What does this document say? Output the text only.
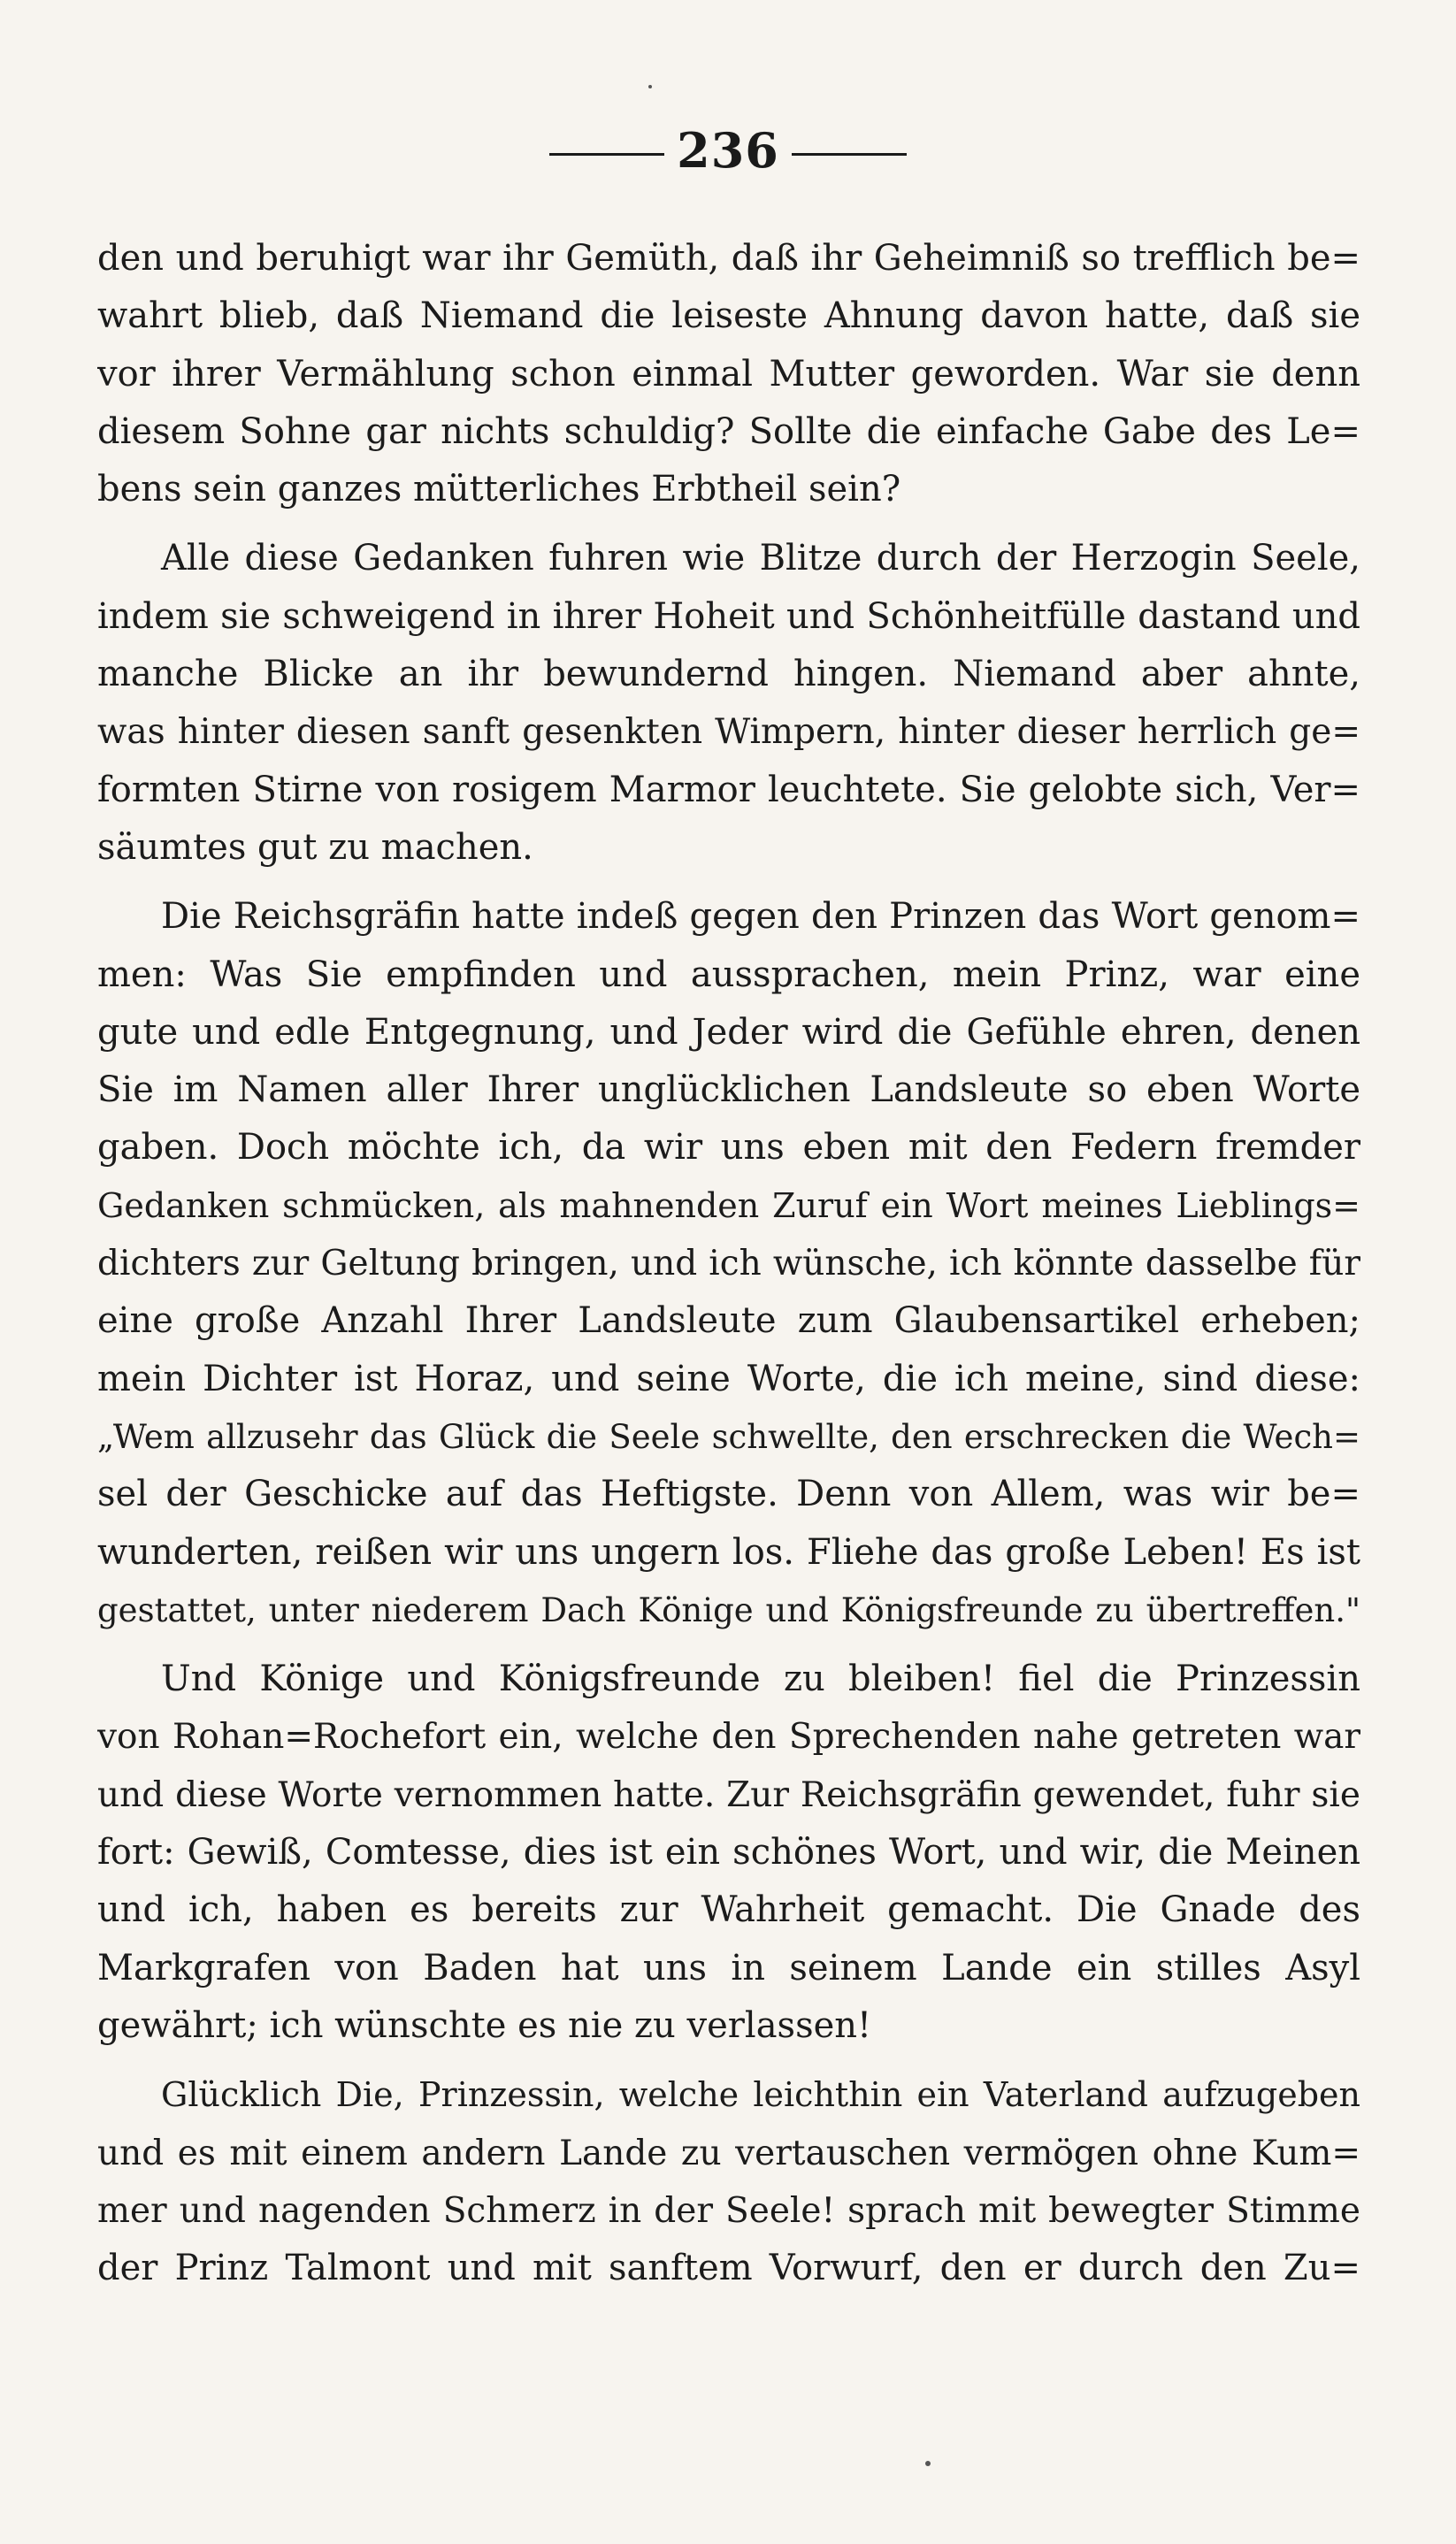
236
den und beruhigt war ihr Gemüth, daß ihr Geheimniß so trefflich be=
wahrt blieb, daß Niemand die leiseste Ahnung davon hatte, daß sie
vor ihrer Vermählung schon einmal Mutter geworden. War sie denn
diesem Sohne gar nichts schuldig? Sollte die einfache Gabe des Le=
bens sein ganzes mütterliches Erbtheil sein?
Alle diese Gedanken fuhren wie Blitze durch der Herzogin Seele,
indem sie schweigend in ihrer Hoheit und Schönheitfülle dastand und
manche Blicke an ihr bewundernd hingen. Niemand aber ahnte,
was hinter diesen sanft gesenkten Wimpern, hinter dieser herrlich ge=
formten Stirne von rosigem Marmor leuchtete. Sie gelobte sich, Ver=
säumtes gut zu machen.
Die Reichsgräfin hatte indeß gegen den Prinzen das Wort genom=
men: Was Sie empfinden und aussprachen, mein Prinz, war eine
gute und edle Entgegnung, und Jeder wird die Gefühle ehren, denen
Sie im Namen aller Ihrer unglücklichen Landsleute so eben Worte
gaben. Doch möchte ich, da wir uns eben mit den Federn fremder
Gedanken schmücken, als mahnenden Zuruf ein Wort meines Lieblings=
dichters zur Geltung bringen, und ich wünsche, ich könnte dasselbe für
eine große Anzahl Ihrer Landsleute zum Glaubensartikel erheben;
mein Dichter ist Horaz, und seine Worte, die ich meine, sind diese:
„Wem allzusehr das Glück die Seele schwellte, den erschrecken die Wech=
sel der Geschicke auf das Heftigste. Denn von Allem, was wir be=
wunderten, reißen wir uns ungern los. Fliehe das große Leben! Es ist
gestattet, unter niederem Dach Könige und Königsfreunde zu übertreffen."
Und Könige und Königsfreunde zu bleiben! fiel die Prinzessin
von Rohan=Rochefort ein, welche den Sprechenden nahe getreten war
und diese Worte vernommen hatte. Zur Reichsgräfin gewendet, fuhr sie
fort: Gewiß, Comtesse, dies ist ein schönes Wort, und wir, die Meinen
und ich, haben es bereits zur Wahrheit gemacht. Die Gnade des
Markgrafen von Baden hat uns in seinem Lande ein stilles Asyl
gewährt; ich wünschte es nie zu verlassen!
Glücklich Die, Prinzessin, welche leichthin ein Vaterland aufzugeben
und es mit einem andern Lande zu vertauschen vermögen ohne Kum=
mer und nagenden Schmerz in der Seele! sprach mit bewegter Stimme
der Prinz Talmont und mit sanftem Vorwurf, den er durch den Zu=
